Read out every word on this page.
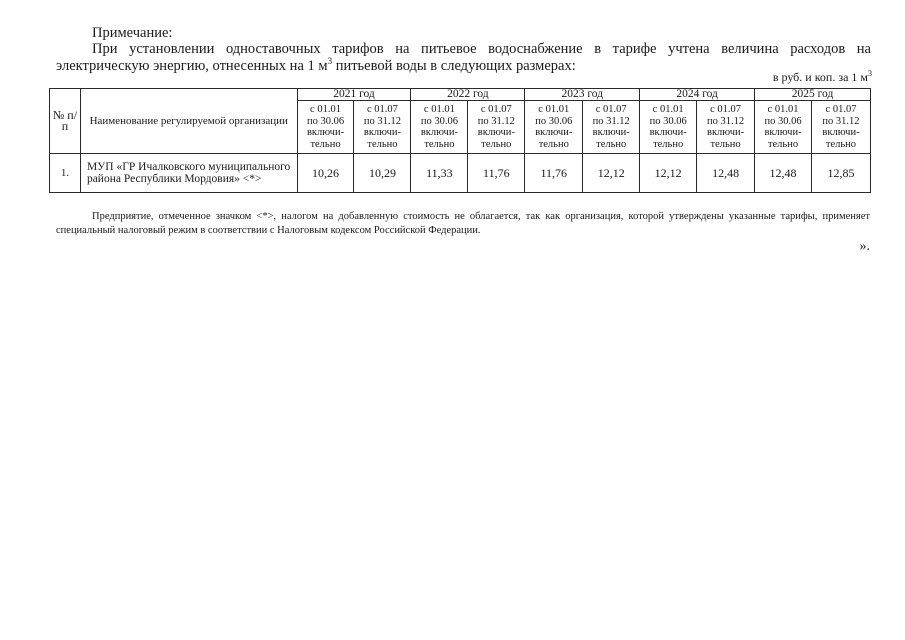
Примечание:
При установлении одноставочных тарифов на питьевое водоснабжение в тарифе учтена величина расходов на электрическую энергию, отнесенных на 1 $м^3$ питьевой воды в следующих размерах:
в руб. и коп. за 1 $м^3$
№ п/п	Наименование регулируемой организации	2021 год		2022 год		2023 год		2024 год		2025 год	

		с 01.01
по 30.06
включи-
тельно	с 01.07
по 31.12
включи-
тельно	с 01.01
по 30.06
включи-
тельно	с 01.07
по 31.12
включи-
тельно	с 01.01
по 30.06
включи-
тельно	с 01.07
по 31.12
включи-
тельно	с 01.01
по 30.06
включи-
тельно	с 01.07
по 31.12
включи-
тельно	с 01.01
по 30.06
включи-
тельно	с 01.07
по 31.12
включи-
тельно

1.	МУП «ГР Ичалковского муниципального района Республики Мордовия» <*>	10,26	10,29	11,33	11,76	11,76	12,12	12,12	12,48	12,48	12,85
Предприятие, отмеченное значком <*>, налогом на добавленную стоимость не облагается, так как организация, которой утверждены указанные тарифы, применяет специальный налоговый режим в соответствии с Налоговым кодексом Российской Федерации.
».
